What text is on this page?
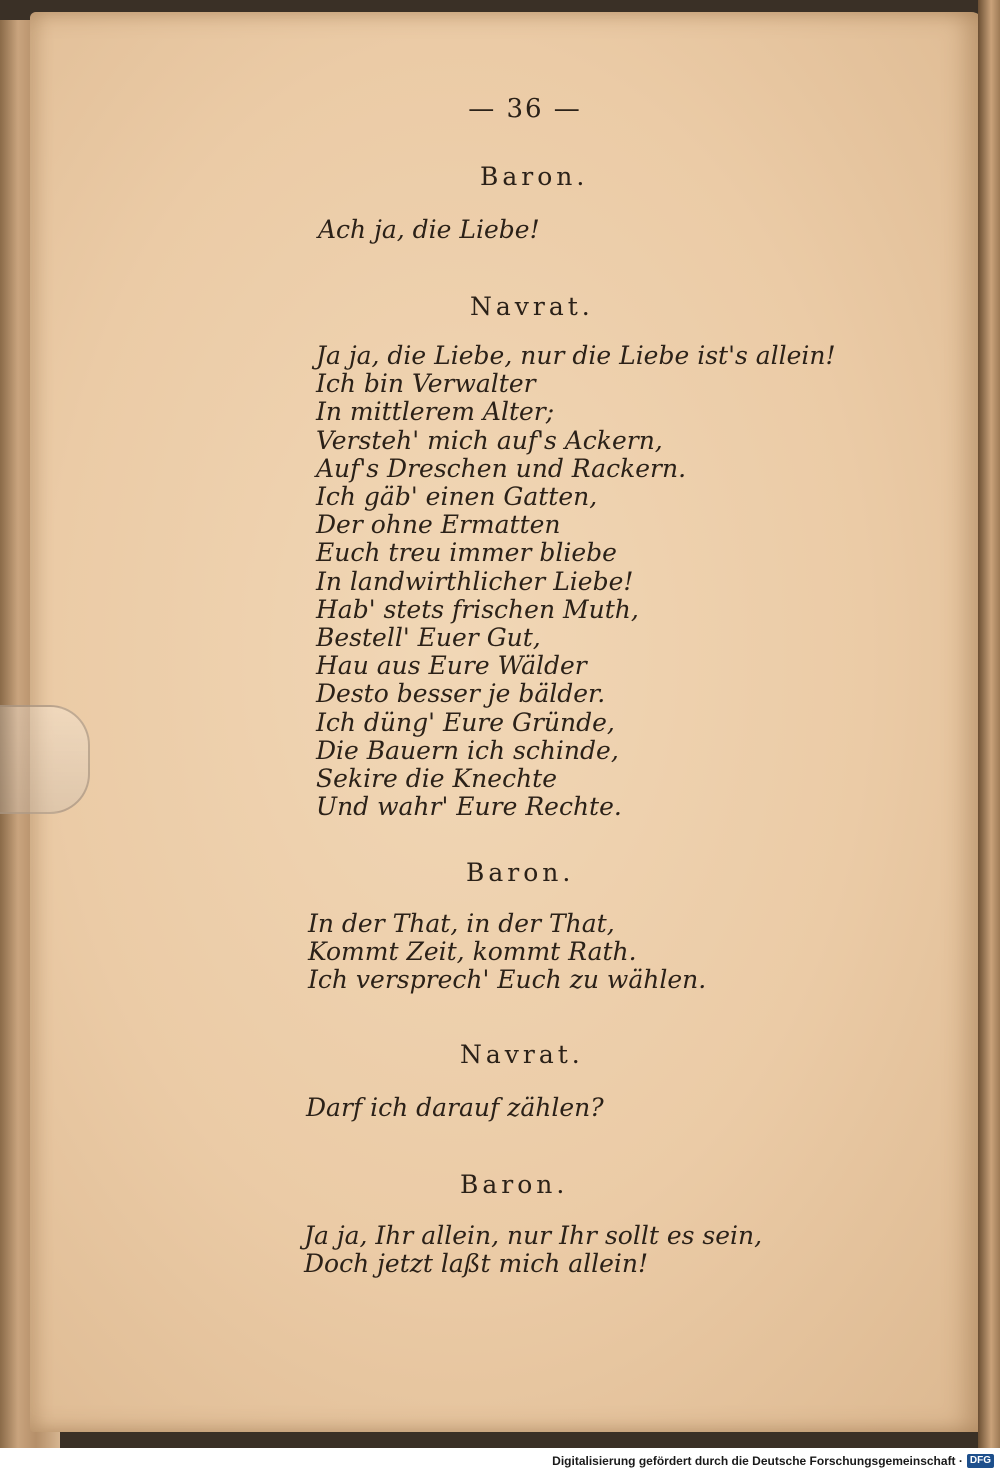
— 36 —
Baron.
Ach ja, die Liebe!
Navrat.
Ja ja, die Liebe, nur die Liebe ist's allein!
Ich bin Verwalter
In mittlerem Alter;
Versteh' mich auf's Ackern,
Auf's Dreschen und Rackern.
Ich gäb' einen Gatten,
Der ohne Ermatten
Euch treu immer bliebe
In landwirthlicher Liebe!
Hab' stets frischen Muth,
Bestell' Euer Gut,
Hau aus Eure Wälder
Desto besser je bälder.
Ich düng' Eure Gründe,
Die Bauern ich schinde,
Sekire die Knechte
Und wahr' Eure Rechte.
Baron.
In der That, in der That,
Kommt Zeit, kommt Rath.
Ich versprech' Euch zu wählen.
Navrat.
Darf ich darauf zählen?
Baron.
Ja ja, Ihr allein, nur Ihr sollt es sein,
Doch jetzt laßt mich allein!
Digitalisierung gefördert durch die Deutsche Forschungsgemeinschaft · DFG
